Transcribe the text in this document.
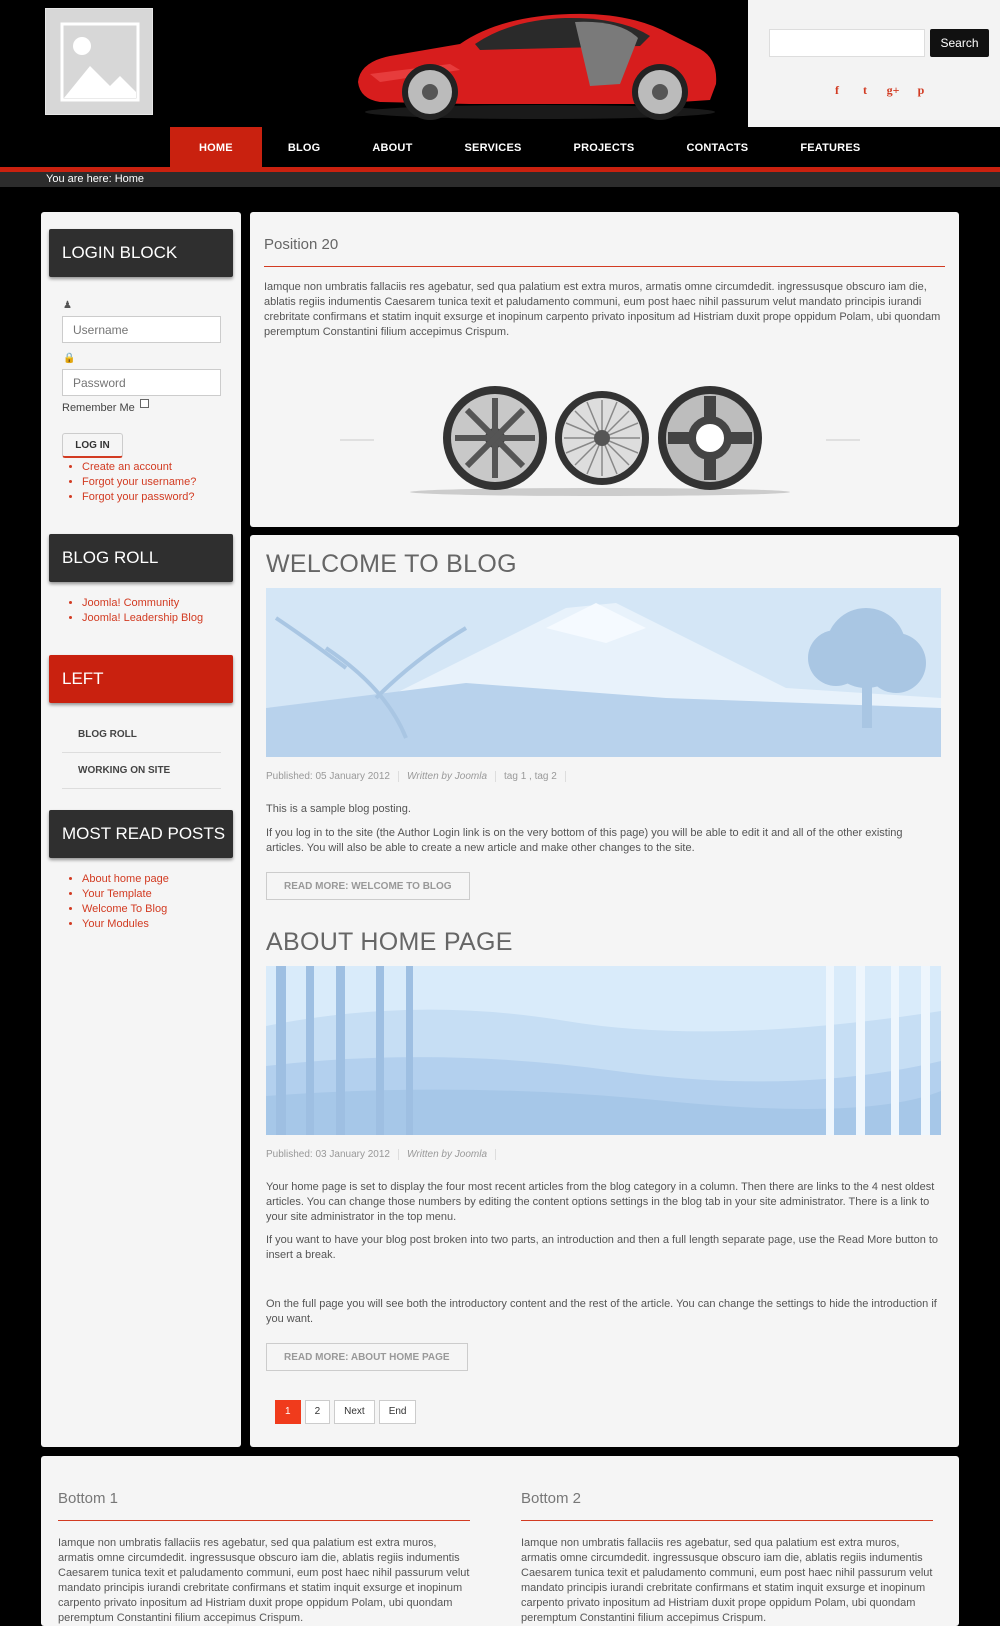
Search
f	t	g+	p
HOME	BLOG	ABOUT	SERVICES	PROJECTS	CONTACTS	FEATURES
You are here: Home
LOGIN BLOCK
♟
Username
🔒
Remember Me
LOG IN
• Create an account
• Forgot your username?
• Forgot your password?
BLOG ROLL
• Joomla! Community
• Joomla! Leadership Blog
LEFT
BLOG ROLL
WORKING ON SITE
MOST READ POSTS
• About home page
• Your Template
• Welcome To Blog
• Your Modules
Position 20

Iamque non umbratis fallaciis res agebatur, sed qua palatium est extra muros, armatis omne circumdedit. ingressusque obscuro iam die, ablatis regiis indumentis Caesarem tunica texit et paludamento communi, eum post haec nihil passurum velut mandato principis iurandi crebritate confirmans et statim inquit exsurge et inopinum carpento privato inpositum ad Histriam duxit prope oppidum Polam, ubi quondam peremptum Constantini filium accepimus Crispum.

WELCOME TO BLOG
Published: 05 January 2012	Written by Joomla	tag 1 , tag 2
This is a sample blog posting.
If you log in to the site (the Author Login link is on the very bottom of this page) you will be able to edit it and all of the other existing articles. You will also be able to create a new article and make other changes to the site.
READ MORE: WELCOME TO BLOG
ABOUT HOME PAGE
Published: 03 January 2012	Written by Joomla
Your home page is set to display the four most recent articles from the blog category in a column. Then there are links to the 4 nest oldest articles. You can change those numbers by editing the content options settings in the blog tab in your site administrator. There is a link to your site administrator in the top menu.
If you want to have your blog post broken into two parts, an introduction and then a full length separate page, use the Read More button to insert a break.
On the full page you will see both the introductory content and the rest of the article. You can change the settings to hide the introduction if you want.
READ MORE: ABOUT HOME PAGE
1	2	Next	End
Bottom 1

Iamque non umbratis fallaciis res agebatur, sed qua palatium est extra muros, armatis omne circumdedit. ingressusque obscuro iam die, ablatis regiis indumentis Caesarem tunica texit et paludamento communi, eum post haec nihil passurum velut mandato principis iurandi crebritate confirmans et statim inquit exsurge et inopinum carpento privato inpositum ad Histriam duxit prope oppidum Polam, ubi quondam peremptum Constantini filium accepimus Crispum.

Bottom 2

Iamque non umbratis fallaciis res agebatur, sed qua palatium est extra muros, armatis omne circumdedit. ingressusque obscuro iam die, ablatis regiis indumentis Caesarem tunica texit et paludamento communi, eum post haec nihil passurum velut mandato principis iurandi crebritate confirmans et statim inquit exsurge et inopinum carpento privato inpositum ad Histriam duxit prope oppidum Polam, ubi quondam peremptum Constantini filium accepimus Crispum.
